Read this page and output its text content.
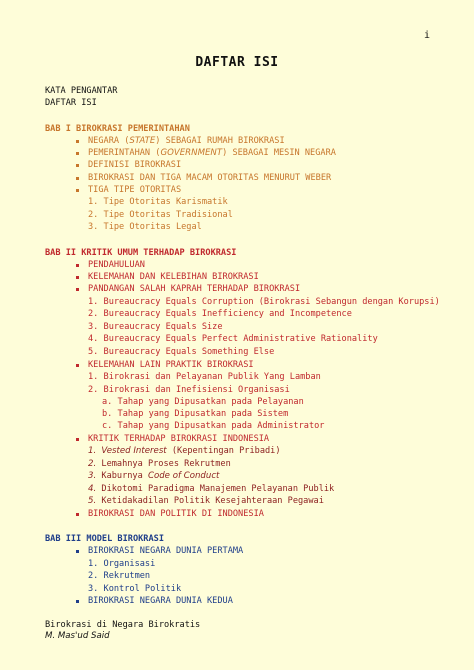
i
DAFTAR ISI
KATA PENGANTAR
DAFTAR ISI
BAB I BIROKRASI PEMERINTAHAN
NEGARA (STATE) SEBAGAI RUMAH BIROKRASI
PEMERINTAHAN (GOVERNMENT) SEBAGAI MESIN NEGARA
DEFINISI BIROKRASI
BIROKRASI DAN TIGA MACAM OTORITAS MENURUT WEBER
TIGA TIPE OTORITAS
1. Tipe Otoritas Karismatik
2. Tipe Otoritas Tradisional
3. Tipe Otoritas Legal
BAB II KRITIK UMUM TERHADAP BIROKRASI
PENDAHULUAN
KELEMAHAN DAN KELEBIHAN BIROKRASI
PANDANGAN SALAH KAPRAH TERHADAP BIROKRASI
1. Bureaucracy Equals Corruption (Birokrasi Sebangun dengan Korupsi)
2. Bureaucracy Equals Inefficiency and Incompetence
3. Bureaucracy Equals Size
4. Bureaucracy Equals Perfect Administrative Rationality
5. Bureaucracy Equals Something Else
KELEMAHAN LAIN PRAKTIK BIROKRASI
1. Birokrasi dan Pelayanan Publik Yang Lamban
2. Birokrasi dan Inefisiensi Organisasi
a. Tahap yang Dipusatkan pada Pelayanan
b. Tahap yang Dipusatkan pada Sistem
c. Tahap yang Dipusatkan pada Administrator
KRITIK TERHADAP BIROKRASI INDONESIA
1. Vested Interest (Kepentingan Pribadi)
2. Lemahnya Proses Rekrutmen
3. Kaburnya Code of Conduct
4. Dikotomi Paradigma Manajemen Pelayanan Publik
5. Ketidakadilan Politik Kesejahteraan Pegawai
BIROKRASI DAN POLITIK DI INDONESIA
BAB III MODEL BIROKRASI
BIROKRASI NEGARA DUNIA PERTAMA
1. Organisasi
2. Rekrutmen
3. Kontrol Politik
BIROKRASI NEGARA DUNIA KEDUA
Birokrasi di Negara Birokratis
M. Mas'ud Said
